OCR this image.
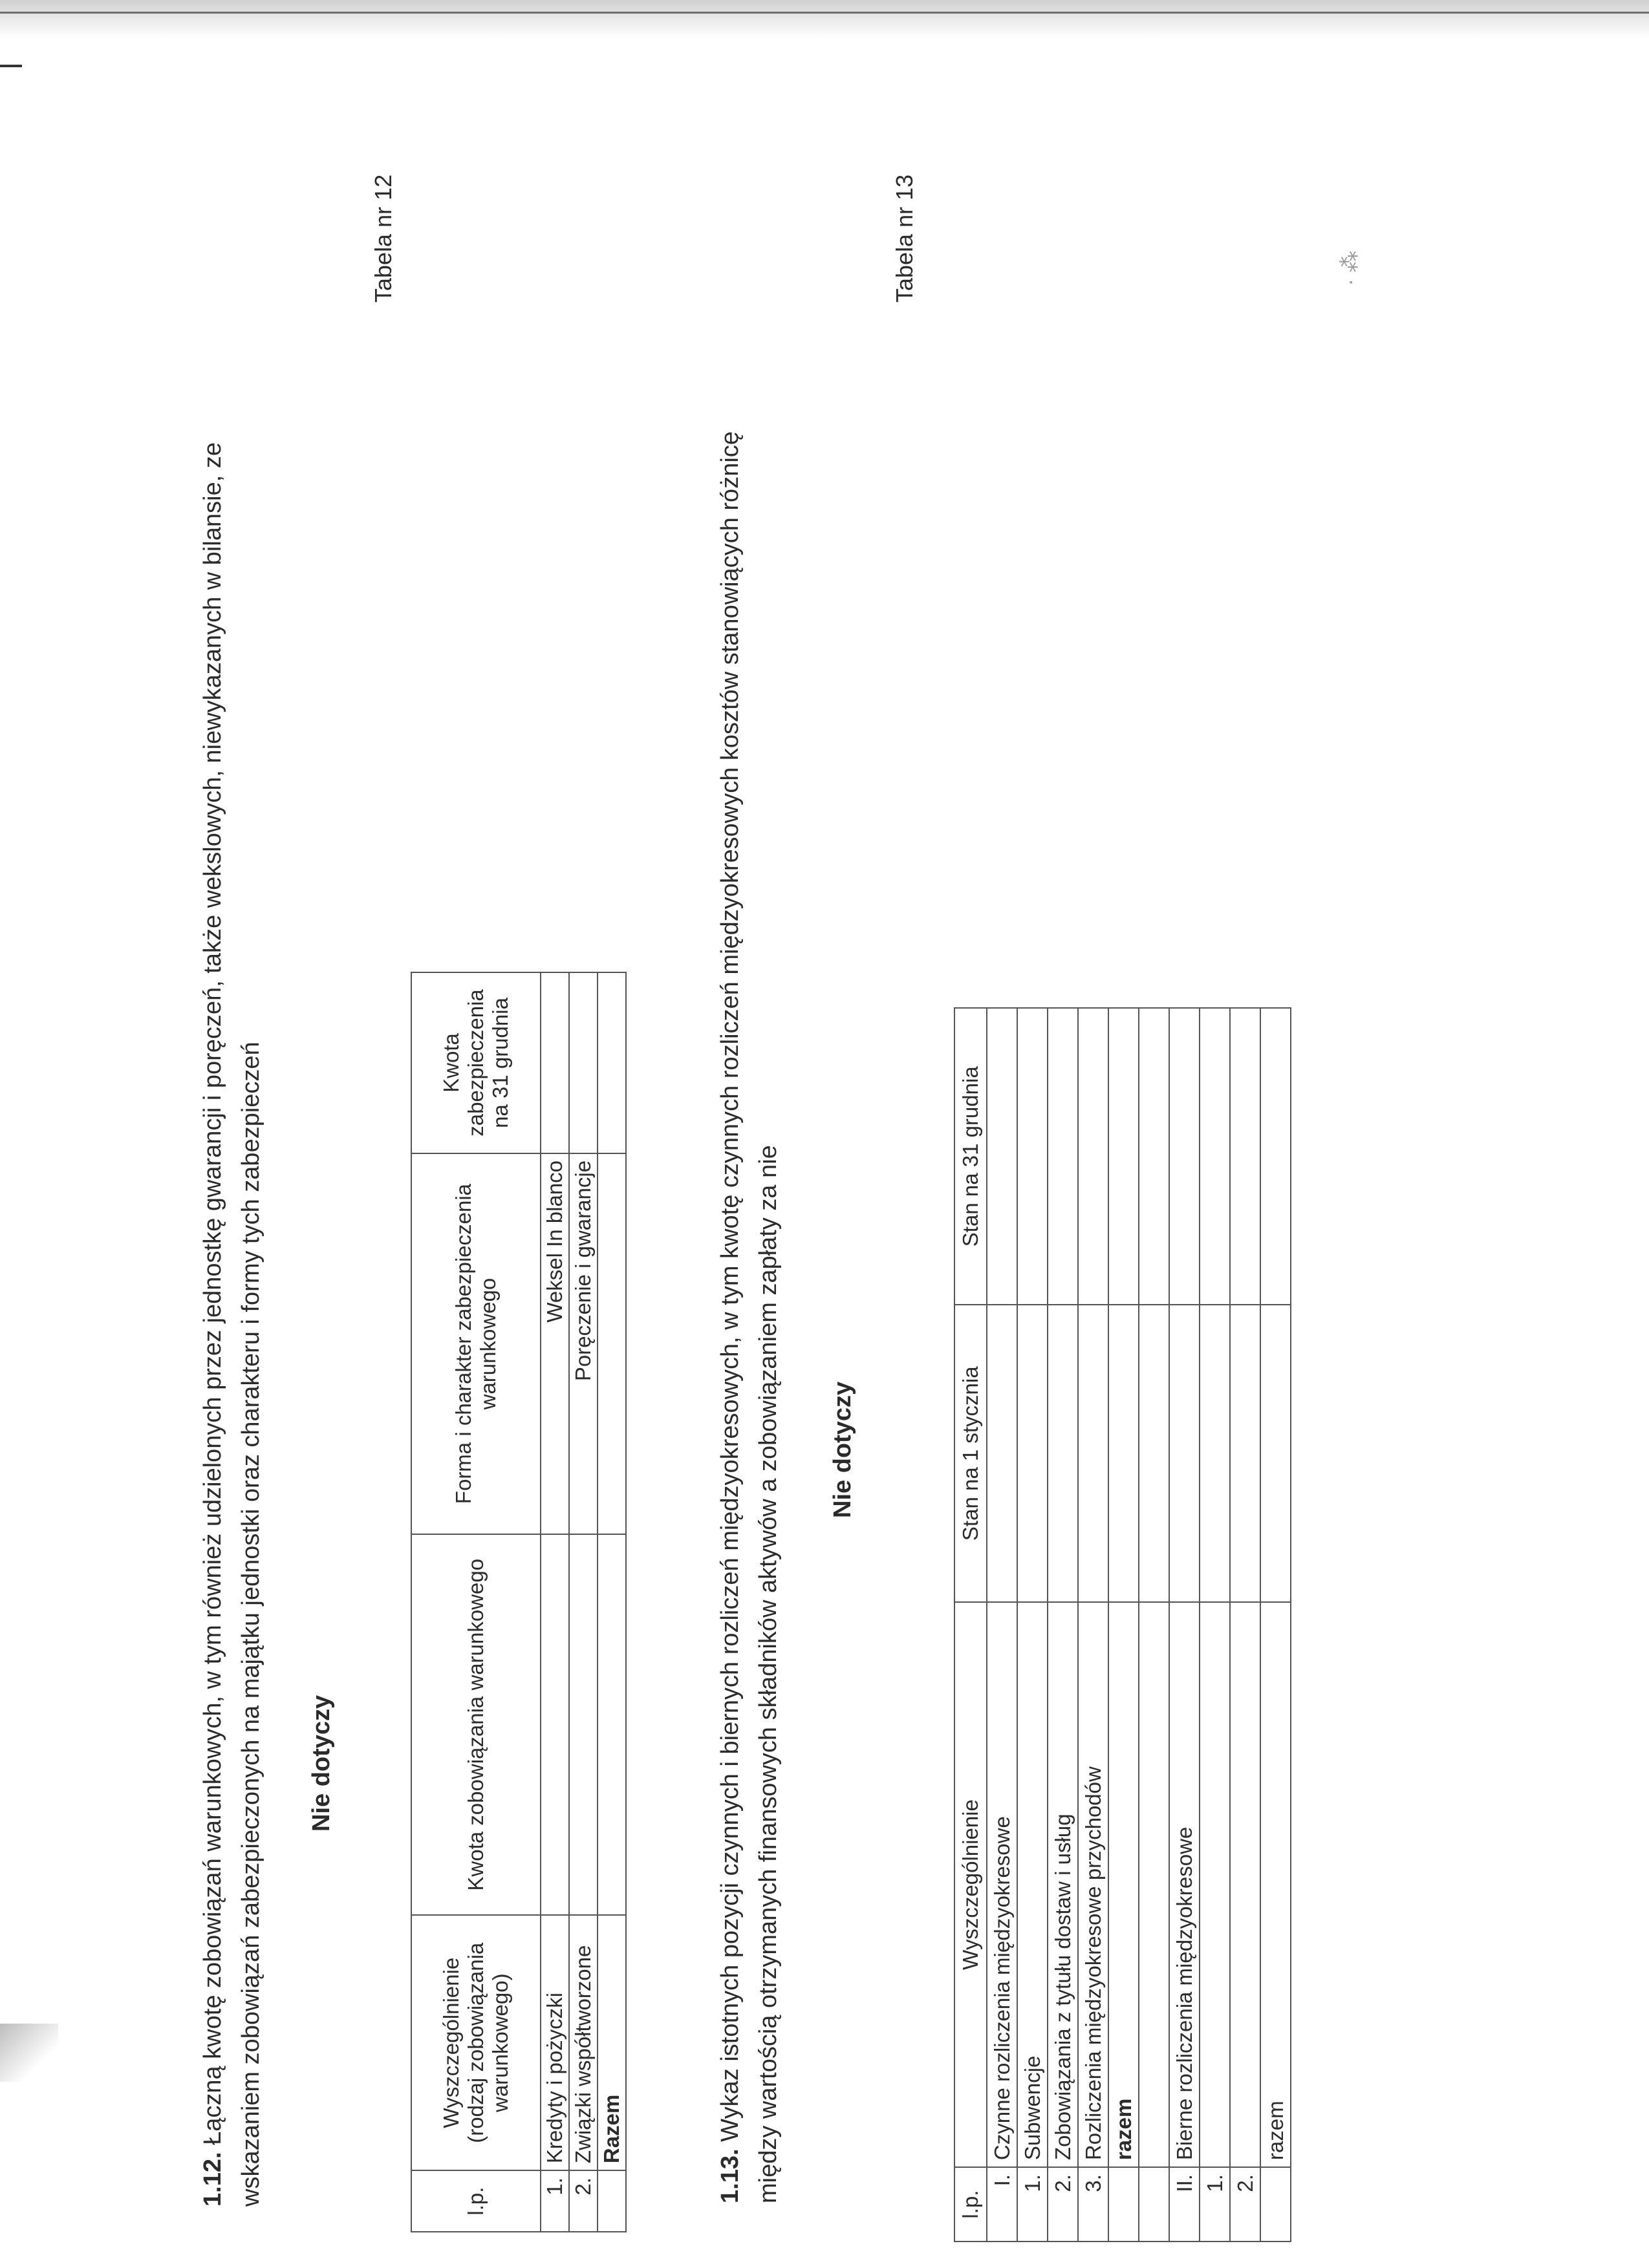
· ⁂
1.12. Łączną kwotę zobowiązań warunkowych, w tym również udzielonych przez jednostkę gwarancji i poręczeń, także wekslowych, niewykazanych w bilansie, ze wskazaniem zobowiązań zabezpieczonych na majątku jednostki oraz charakteru i formy tych zabezpieczeń Nie dotyczy
Tabela nr 12
l.p.	Wyszczególnienie (rodzaj zobowiązania warunkowego)	Kwota zobowiązania warunkowego	Forma i charakter zabezpieczenia warunkowego	Kwota zabezpieczenia na 31 grudnia
1.	Kredyty i pożyczki		Weksel In blanco	
2.	Związki współtworzone		Poręczenie i gwarancje	
	Razem			
1.13. Wykaz istotnych pozycji czynnych i biernych rozliczeń międzyokresowych, w tym kwotę czynnych rozliczeń międzyokresowych kosztów stanowiących różnicę między wartością otrzymanych finansowych składników aktywów a zobowiązaniem zapłaty za nie Nie dotyczy
Tabela nr 13
l.p.	Wyszczególnienie	Stan na 1 stycznia	Stan na 31 grudnia
I.	Czynne rozliczenia międzyokresowe		
1.	Subwencje		
2.	Zobowiązania z tytułu dostaw i usług		
3.	Rozliczenia międzyokresowe przychodów		
	razem		

II.	Bierne rozliczenia międzyokresowe		
1.			
2.			
	razem		
